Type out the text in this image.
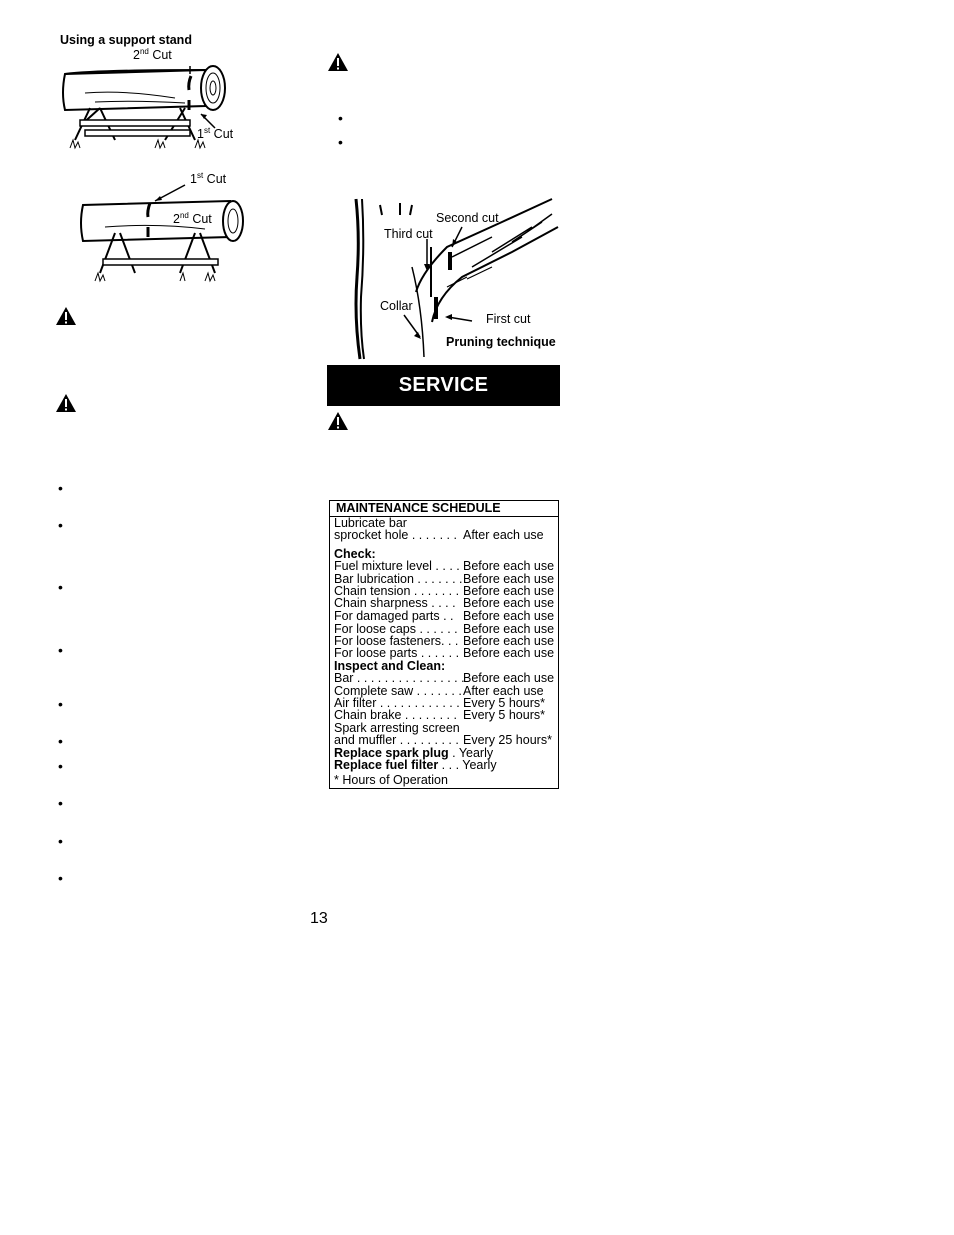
Using a support stand
2nd Cut
1st Cut
1st Cut
2nd Cut
•
•
•
•
•
•
•
•
•
•
•
•
Second cut
Third cut
Collar
First cut
Pruning technique
SERVICE
MAINTENANCE SCHEDULE
Lubricate bar
sprocket hole . . . . . . . After each use
Check:
Fuel mixture level . . . . Before each use
Bar lubrication . . . . . . . Before each use
Chain tension . . . . . . . Before each use
Chain sharpness . . . . Before each use
For damaged parts . . Before each use
For loose caps . . . . . . Before each use
For loose fasteners. . . Before each use
For loose parts . . . . . . Before each use
Inspect and Clean:
Bar . . . . . . . . . . . . . . . .
Before each use
Complete saw . . . . . . . After each use
Air filter . . . . . . . . . . . . .
Every 5 hours*
Chain brake . . . . . . . . Every 5 hours*
Spark arresting screen
and muffler . . . . . . . . . Every 25 hours*
Replace spark plug . Yearly
Replace fuel filter . . . Yearly
* Hours of Operation
13
